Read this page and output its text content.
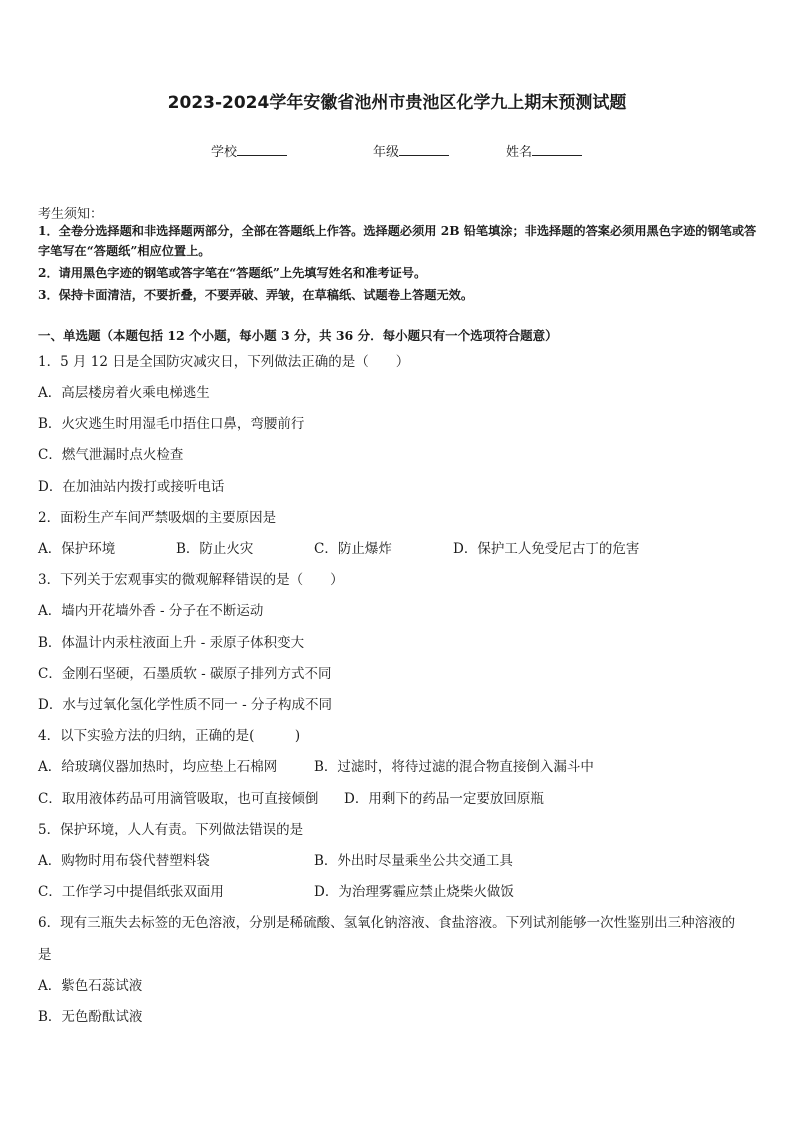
2023-2024学年安徽省池州市贵池区化学九上期末预测试题
学校	年级	姓名
考生须知：
1．全卷分选择题和非选择题两部分，全部在答题纸上作答。选择题必须用 2B 铅笔填涂；非选择题的答案必须用黑色字迹的钢笔或答字笔写在“答题纸”相应位置上。
2．请用黑色字迹的钢笔或答字笔在“答题纸”上先填写姓名和准考证号。
3．保持卡面清洁，不要折叠，不要弄破、弄皱，在草稿纸、试题卷上答题无效。
一、单选题（本题包括 12 个小题，每小题 3 分，共 36 分．每小题只有一个选项符合题意）
1．5 月 12 日是全国防灾减灾日，下列做法正确的是（　　）
A．高层楼房着火乘电梯逃生
B．火灾逃生时用湿毛巾捂住口鼻，弯腰前行
C．燃气泄漏时点火检查
D．在加油站内拨打或接听电话
2．面粉生产车间严禁吸烟的主要原因是
A．保护环境	B．防止火灾	C．防止爆炸	D．保护工人免受尼古丁的危害
3．下列关于宏观事实的微观解释错误的是（　　）
A．墙内开花墙外香 - 分子在不断运动
B．体温计内汞柱液面上升 - 汞原子体积变大
C．金刚石坚硬，石墨质软 - 碳原子排列方式不同
D．水与过氧化氢化学性质不同一 - 分子构成不同
4．以下实验方法的归纳，正确的是(　　　)
A．给玻璃仪器加热时，均应垫上石棉网	B．过滤时，将待过滤的混合物直接倒入漏斗中
C．取用液体药品可用滴管吸取，也可直接倾倒 D．用剩下的药品一定要放回原瓶
5．保护环境，人人有责。下列做法错误的是
A．购物时用布袋代替塑料袋	B．外出时尽量乘坐公共交通工具
C．工作学习中提倡纸张双面用	D．为治理雾霾应禁止烧柴火做饭
6．现有三瓶失去标签的无色溶液，分别是稀硫酸、氢氧化钠溶液、食盐溶液。下列试剂能够一次性鉴别出三种溶液的
是
A．紫色石蕊试液
B．无色酚酞试液
